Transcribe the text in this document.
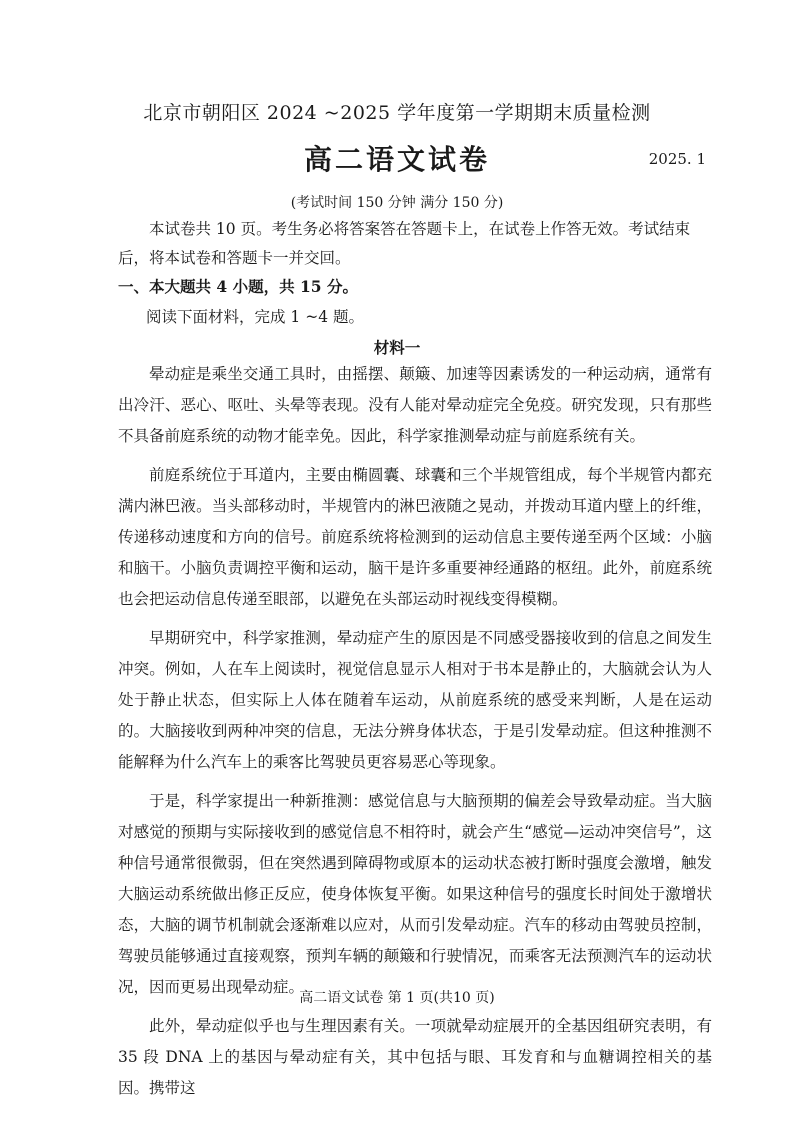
北京市朝阳区 2024 ~2025 学年度第一学期期末质量检测
高二语文试卷	2025. 1
(考试时间 150 分钟 满分 150 分)
本试卷共 10 页。考生务必将答案答在答题卡上，在试卷上作答无效。考试结束后，将本试卷和答题卡一并交回。
一、本大题共 4 小题，共 15 分。
阅读下面材料，完成 1 ~4 题。
材料一

晕动症是乘坐交通工具时，由摇摆、颠簸、加速等因素诱发的一种运动病，通常有出冷汗、恶心、呕吐、头晕等表现。没有人能对晕动症完全免疫。研究发现，只有那些不具备前庭系统的动物才能幸免。因此，科学家推测晕动症与前庭系统有关。

前庭系统位于耳道内，主要由椭圆囊、球囊和三个半规管组成，每个半规管内都充满内淋巴液。当头部移动时，半规管内的淋巴液随之晃动，并拨动耳道内壁上的纤维，传递移动速度和方向的信号。前庭系统将检测到的运动信息主要传递至两个区域：小脑和脑干。小脑负责调控平衡和运动，脑干是许多重要神经通路的枢纽。此外，前庭系统也会把运动信息传递至眼部，以避免在头部运动时视线变得模糊。

早期研究中，科学家推测，晕动症产生的原因是不同感受器接收到的信息之间发生冲突。例如，人在车上阅读时，视觉信息显示人相对于书本是静止的，大脑就会认为人处于静止状态，但实际上人体在随着车运动，从前庭系统的感受来判断，人是在运动的。大脑接收到两种冲突的信息，无法分辨身体状态，于是引发晕动症。但这种推测不能解释为什么汽车上的乘客比驾驶员更容易恶心等现象。

于是，科学家提出一种新推测：感觉信息与大脑预期的偏差会导致晕动症。当大脑对感觉的预期与实际接收到的感觉信息不相符时，就会产生“感觉—运动冲突信号”，这种信号通常很微弱，但在突然遇到障碍物或原本的运动状态被打断时强度会激增，触发大脑运动系统做出修正反应，使身体恢复平衡。如果这种信号的强度长时间处于激增状态，大脑的调节机制就会逐渐难以应对，从而引发晕动症。汽车的移动由驾驶员控制，驾驶员能够通过直接观察，预判车辆的颠簸和行驶情况，而乘客无法预测汽车的运动状况，因而更易出现晕动症。

此外，晕动症似乎也与生理因素有关。一项就晕动症展开的全基因组研究表明，有 35 段 DNA 上的基因与晕动症有关，其中包括与眼、耳发育和与血糖调控相关的基因。携带这

高二语文试卷 第 1 页(共10 页)
